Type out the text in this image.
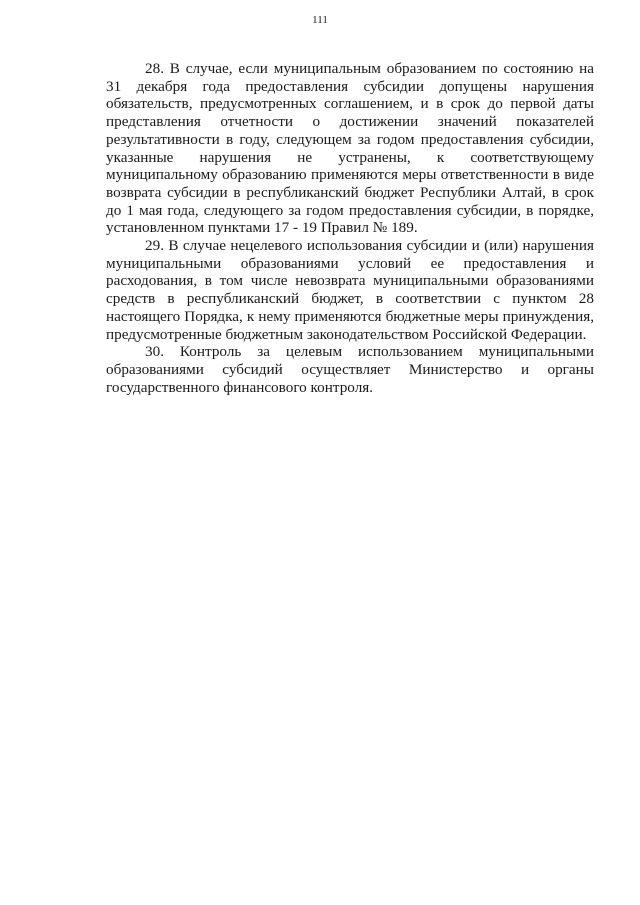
111

28. В случае, если муниципальным образованием по состоянию на 31 декабря года предоставления субсидии допущены нарушения обязательств, предусмотренных соглашением, и в срок до первой даты представления отчетности о достижении значений показателей результативности в году, следующем за годом предоставления субсидии, указанные нарушения не устранены, к соответствующему муниципальному образованию применяются меры ответственности в виде возврата субсидии в республиканский бюджет Республики Алтай, в срок до 1 мая года, следующего за годом предоставления субсидии, в порядке, установленном пунктами 17 - 19 Правил № 189.

29. В случае нецелевого использования субсидии и (или) нарушения муниципальными образованиями условий ее предоставления и расходования, в том числе невозврата муниципальными образованиями средств в республиканский бюджет, в соответствии с пунктом 28 настоящего Порядка, к нему применяются бюджетные меры принуждения, предусмотренные бюджетным законодательством Российской Федерации.

30. Контроль за целевым использованием муниципальными образованиями субсидий осуществляет Министерство и органы государственного финансового контроля.
